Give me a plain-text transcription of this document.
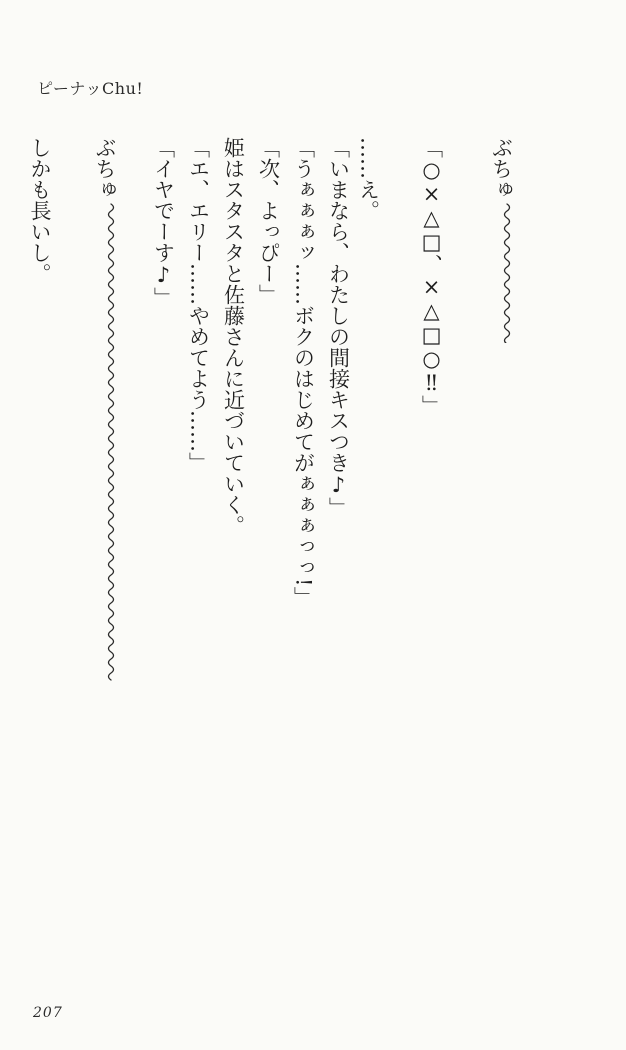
ピーナッChu!
ぶちゅ
「○×△□、×△□○‼」
……え。
「いまなら、わたしの間接キスつき♪」
「うぁぁぁッ……ボクのはじめてがぁぁぁっっ!」
「次、よっぴー」
姫はスタスタと佐藤さんに近づいていく。
「エ、エリー……やめてよう……」
「イヤでーす♪」
ぶちゅ
しかも長いし。
207
